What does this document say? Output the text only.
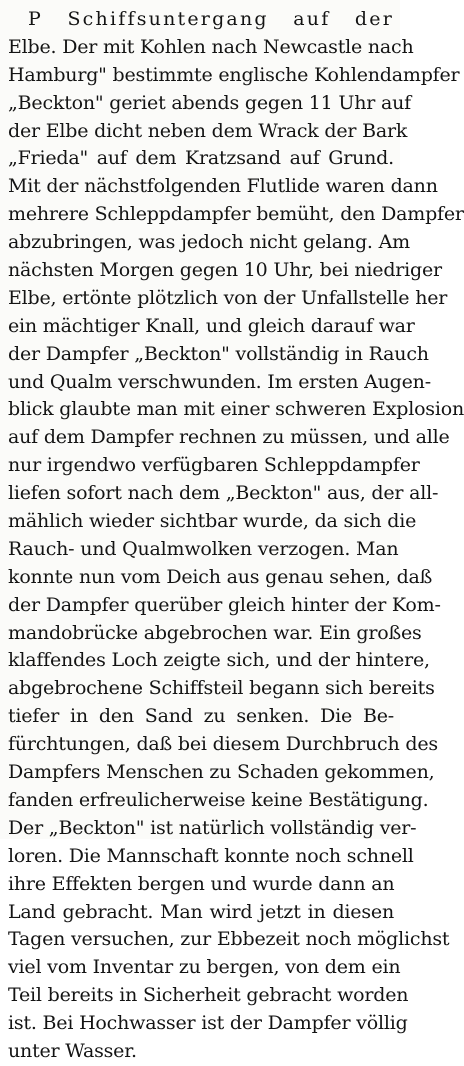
P Schiffsuntergang auf der
Elbe. Der mit Kohlen nach Newcastle nach
Hamburg" bestimmte englische Kohlendampfer
„Beckton" geriet abends gegen 11 Uhr auf
der Elbe dicht neben dem Wrack der Bark
„Frieda" auf dem Kratzsand auf Grund.
Mit der nächstfolgenden Flutlide waren dann
mehrere Schleppdampfer bemüht, den Dampfer
abzubringen, was jedoch nicht gelang. Am
nächsten Morgen gegen 10 Uhr, bei niedriger
Elbe, ertönte plötzlich von der Unfallstelle her
ein mächtiger Knall, und gleich darauf war
der Dampfer „Beckton" vollständig in Rauch
und Qualm verschwunden. Im ersten Augen-
blick glaubte man mit einer schweren Explosion
auf dem Dampfer rechnen zu müssen, und alle
nur irgendwo verfügbaren Schleppdampfer
liefen sofort nach dem „Beckton" aus, der all-
mählich wieder sichtbar wurde, da sich die
Rauch- und Qualmwolken verzogen. Man
konnte nun vom Deich aus genau sehen, daß
der Dampfer querüber gleich hinter der Kom-
mandobrücke abgebrochen war. Ein großes
klaffendes Loch zeigte sich, und der hintere,
abgebrochene Schiffsteil begann sich bereits
tiefer in den Sand zu senken. Die Be-
fürchtungen, daß bei diesem Durchbruch des
Dampfers Menschen zu Schaden gekommen,
fanden erfreulicherweise keine Bestätigung.
Der „Beckton" ist natürlich vollständig ver-
loren. Die Mannschaft konnte noch schnell
ihre Effekten bergen und wurde dann an
Land gebracht. Man wird jetzt in diesen
Tagen versuchen, zur Ebbezeit noch möglichst
viel vom Inventar zu bergen, von dem ein
Teil bereits in Sicherheit gebracht worden
ist. Bei Hochwasser ist der Dampfer völlig
unter Wasser.
